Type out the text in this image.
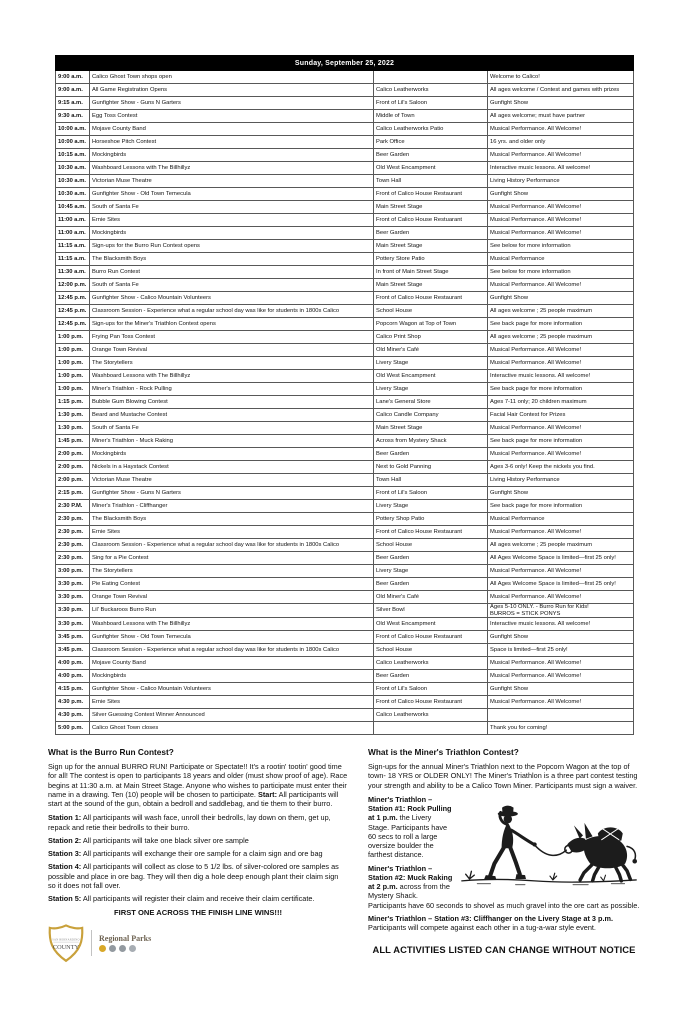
Sunday, September 25, 2022			
9:00 a.m.	Calico Ghost Town shops open		Welcome to Calico!

9:00 a.m.	All Game Registration Opens	Calico Leatherworks	All ages welcome / Contest and games with prizes

9:15 a.m.	Gunfighter Show - Guns N Garters	Front of Lil's Saloon	Gunfight Show

9:30 a.m.	Egg Toss Contest	Middle of Town	All ages welcome; must have partner

10:00 a.m.	Mojave County Band	Calico Leatherworks Patio	Musical Performance. All Welcome!

10:00 a.m.	Horseshoe Pitch Contest	Park Office	16 yrs. and older only

10:15 a.m.	Mockingbirds	Beer Garden	Musical Performance. All Welcome!

10:30 a.m.	Washboard Lessons with The Billhillyz	Old West Encampment	Interactive music lessons. All welcome!

10:30 a.m.	Victorian Muse Theatre	Town Hall	Living History Performance

10:30 a.m.	Gunfighter Show - Old Town Temecula	Front of Calico House Restaurant	Gunfight Show

10:45 a.m.	South of Santa Fe	Main Street Stage	Musical Performance. All Welcome!

11:00 a.m.	Ernie Sites	Front of Calico House Restuarant	Musical Performance. All Welcome!

11:00 a.m.	Mockingbirds	Beer Garden	Musical Performance. All Welcome!

11:15 a.m.	Sign-ups for the Burro Run Contest opens	Main Street Stage	See below for more information

11:15 a.m.	The Blacksmith Boys	Pottery Store Patio	Musical Performance

11:30 a.m.	Burro Run Contest	In front of Main Street Stage	See below for more information

12:00 p.m.	South of Santa Fe	Main Street Stage	Musical Performance. All Welcome!

12:45 p.m.	Gunfighter Show - Calico Mountain Volunteers	Front of Calico House Restaurant	Gunfight Show

12:45 p.m.	Classroom Session - Experience what a regular school day was like for students in 1800s Calico	School House	All ages welcome ; 25 people maximum

12:45 p.m.	Sign-ups for the Miner's Triathlon Contest opens	Popcorn Wagon at Top of Town	See back page for more information

1:00 p.m.	Frying Pan Toss Contest	Calico Print Shop	All ages welcome ; 25 people maximum

1:00 p.m.	Orange Town Revival	Old Miner's Café	Musical Performance. All Welcome!

1:00 p.m.	The Storytellers	Livery Stage	Musical Performance. All Welcome!

1:00 p.m.	Washboard Lessons with The Billhillyz	Old West Encampment	Interactive music lessons. All welcome!

1:00 p.m.	Miner's Triathlon - Rock Pulling	Livery Stage	See back page for more information

1:15 p.m.	Bubble Gum Blowing Contest	Lane's General Store	Ages 7-11 only; 20 children maximum

1:30 p.m.	Beard and Mustache Contest	Calico Candle Company	Facial Hair Contest for Prizes

1:30 p.m.	South of Santa Fe	Main Street Stage	Musical Performance. All Welcome!

1:45 p.m.	Miner's Triathlon - Muck Raking	Across from Mystery Shack	See back page for more information

2:00 p.m.	Mockingbirds	Beer Garden	Musical Performance. All Welcome!

2:00 p.m.	Nickels in a Haystack Contest	Next to Gold Panning	Ages 3-6 only! Keep the nickels you find.

2:00 p.m.	Victorian Muse Theatre	Town Hall	Living History Performance

2:15 p.m.	Gunfighter Show - Guns N Garters	Front of Lil's Saloon	Gunfight Show

2:30 P.M.	Miner's Triathlon - Cliffhanger	Livery Stage	See back page for more information

2:30 p.m.	The Blacksmith Boys	Pottery Shop Patio	Musical Performance

2:30 p.m.	Ernie Sites	Front of Calico House Restaurant	Musical Performance. All Welcome!

2:30 p.m.	Classroom Session - Experience what a regular school day was like for students in 1800s Calico	School House	All ages welcome ; 25 people maximum

2:30 p.m.	Sing for a Pie Contest	Beer Garden	All Ages Welcome Space is limited—first 25 only!

3:00 p.m.	The Storytellers	Livery Stage	Musical Performance. All Welcome!

3:30 p.m.	Pie Eating Contest	Beer Garden	All Ages Welcome Space is limited—first 25 only!

3:30 p.m.	Orange Town Revival	Old Miner's Café	Musical Performance. All Welcome!

3:30 p.m.	Lil' Buckaroos Burro Run	Silver Bowl	Ages 5-10 ONLY. - Burro Run for Kids!
BURROS = STICK PONYS

3:30 p.m.	Washboard Lessons with The Billhillyz	Old West Encampment	Interactive music lessons. All welcome!

3:45 p.m.	Gunfighter Show - Old Town Temecula	Front of Calico House Restaurant	Gunfight Show

3:45 p.m.	Classroom Session - Experience what a regular school day was like for students in 1800s Calico	School House	Space is limited—first 25 only!

4:00 p.m.	Mojave County Band	Calico Leatherworks	Musical Performance. All Welcome!

4:00 p.m.	Mockingbirds	Beer Garden	Musical Performance. All Welcome!

4:15 p.m.	Gunfighter Show - Calico Mountain Volunteers	Front of Lil's Saloon	Gunfight Show

4:30 p.m.	Ernie Sites	Front of Calico House Restaurant	Musical Performance. All Welcome!

4:30 p.m.	Silver Guessing Contest Winner Announced	Calico Leatherworks	

5:00 p.m.	Calico Ghost Town closes		Thank you for coming!
What is the Burro Run Contest?

Sign up for the annual BURRO RUN! Participate or Spectate!! It's a rootin' tootin' good time for all! The contest is open to participants 18 years and older (must show proof of age). Race begins at 11:30 a.m. at Main Street Stage. Anyone who wishes to participate must enter their name in a drawing. Ten (10) people will be chosen to participate. Start: All participants will start at the sound of the gun, obtain a bedroll and saddlebag, and tie them to their burro.

Station 1: All participants will wash face, unroll their bedrolls, lay down on them, get up, repack and retie their bedrolls to their burro.

Station 2: All participants will take one black silver ore sample

Station 3: All participants will exchange their ore sample for a claim sign and ore bag

Station 4: All participants will collect as close to 5 1/2 lbs. of silver-colored ore samples as possible and place in ore bag. They will then dig a hole deep enough plant their claim sign so it does not fall over.

Station 5: All participants will register their claim and receive their claim certificate.

FIRST ONE ACROSS THE FINISH LINE WINS!!!
SAN BERNARDINO
COUNTY
Regional Parks
What is the Miner's Triathlon Contest?

Sign-ups for the annual Miner's Triathlon next to the Popcorn Wagon at the top of town- 18 YRS or OLDER ONLY! The Miner's Triathlon is a three part contest testing your strength and ability to be a Calico Town Miner. Participants must sign a waiver.

Miner's Triathlon – Station #1: Rock Pulling at 1 p.m. the Livery Stage. Participants have 60 secs to roll a large oversize boulder the farthest distance.

Miner's Triathlon – Station #2: Muck Raking at 2 p.m. across from the Mystery Shack. Participants have 60 seconds to shovel as much gravel into the ore cart as possible.

Miner's Triathlon – Station #3: Cliffhanger on the Livery Stage at 3 p.m. Participants will compete against each other in a tug-a-war style event.

ALL ACTIVITIES LISTED CAN CHANGE WITHOUT NOTICE
